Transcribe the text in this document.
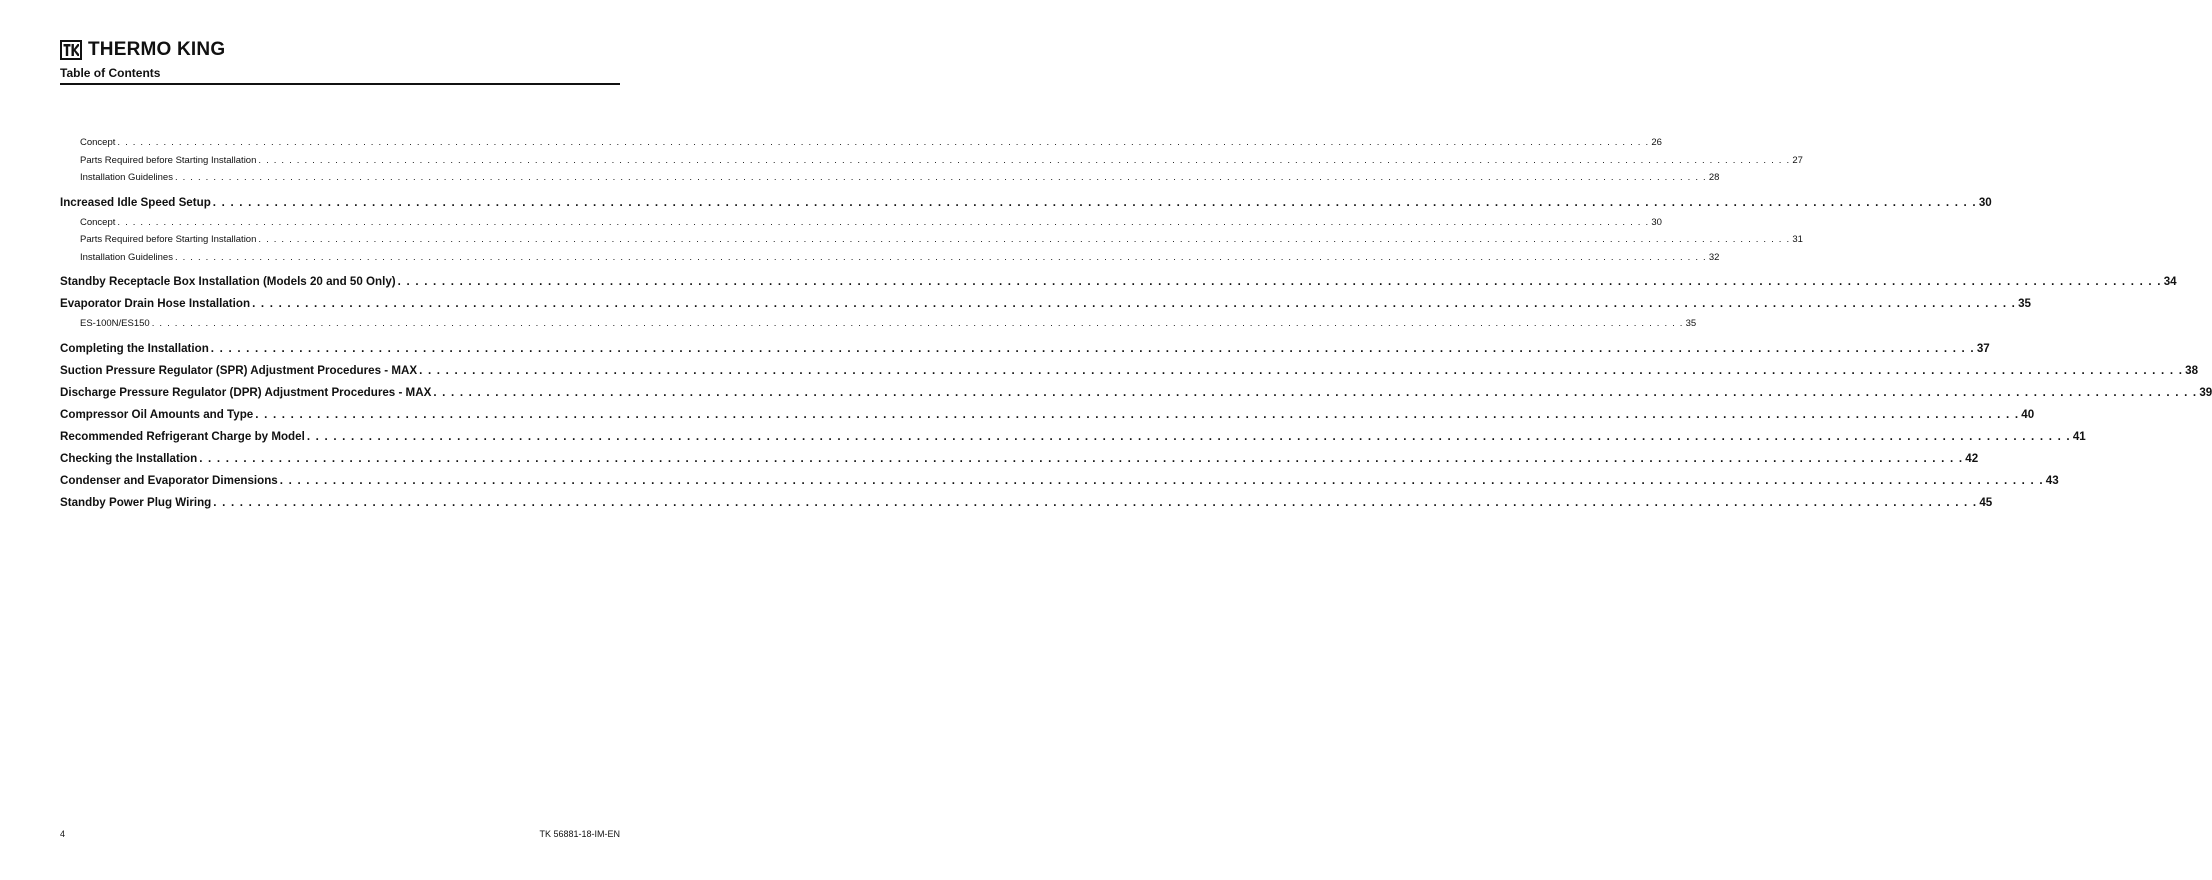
THERMO KING
Table of Contents
Concept . . . . . . . . . . . . . . . . . . . . . . . . . . . . . . . . . . . . . . . . . . . . . . . . . . . . . . . . . . . . . . . . . . . . . . . . . . . . . . . . . . . . . . . . . . . . . . . . . . . . . . . . . . . . . . . . . . . . . . . . . . . . . . . . . . . . . . . . . . . . . . . . . . . . . . . . . . . . . . . . . . . . . . . . . . . . . . . . . . . . . . . . . . . . . . . . . . . . . . . . 26
Parts Required before Starting Installation . . . . . . . . . . . . . . . . . . . . . . . . . . . . . . . . . . . . . . . . . . . . . . . . . . . . . . . . . . . . . . . . . . . . . . . . . . . . . . . . . . . . . . . . . . . . . . . . . . . . . . . . . . . . . . . . . . . . . . . . . . . . . . . . . . . . . . . . . . . . . . . . . . . . . . . . . . . . . . . . . . . . . . . . . . . . . . . . . . . . . . . . . . . . . . . . . . . . . . . . 27
Installation Guidelines . . . . . . . . . . . . . . . . . . . . . . . . . . . . . . . . . . . . . . . . . . . . . . . . . . . . . . . . . . . . . . . . . . . . . . . . . . . . . . . . . . . . . . . . . . . . . . . . . . . . . . . . . . . . . . . . . . . . . . . . . . . . . . . . . . . . . . . . . . . . . . . . . . . . . . . . . . . . . . . . . . . . . . . . . . . . . . . . . . . . . . . . . . . . . . . . . . . . . . . . 28
Increased Idle Speed Setup . . . . . . . . . . . . . . . . . . . . . . . . . . . . . . . . . . . . . . . . . . . . . . . . . . . . . . . . . . . . . . . . . . . . . . . . . . . . . . . . . . . . . . . . . . . . . . . . . . . . . . . . . . . . . . . . . . . . . . . . . . . . . . . . . . . . . . . . . . . . . . . . . . . . . . . . . . . . . . . . . . . . . . . . . . . . . . . . . . . . . . . . . . . . . . . . . . . . . . . . 30
Concept . . . . . . . . . . . . . . . . . . . . . . . . . . . . . . . . . . . . . . . . . . . . . . . . . . . . . . . . . . . . . . . . . . . . . . . . . . . . . . . . . . . . . . . . . . . . . . . . . . . . . . . . . . . . . . . . . . . . . . . . . . . . . . . . . . . . . . . . . . . . . . . . . . . . . . . . . . . . . . . . . . . . . . . . . . . . . . . . . . . . . . . . . . . . . . . . . . . . . . . . 30
Parts Required before Starting Installation . . . . . . . . . . . . . . . . . . . . . . . . . . . . . . . . . . . . . . . . . . . . . . . . . . . . . . . . . . . . . . . . . . . . . . . . . . . . . . . . . . . . . . . . . . . . . . . . . . . . . . . . . . . . . . . . . . . . . . . . . . . . . . . . . . . . . . . . . . . . . . . . . . . . . . . . . . . . . . . . . . . . . . . . . . . . . . . . . . . . . . . . . . . . . . . . . . . . . . . . 31
Installation Guidelines . . . . . . . . . . . . . . . . . . . . . . . . . . . . . . . . . . . . . . . . . . . . . . . . . . . . . . . . . . . . . . . . . . . . . . . . . . . . . . . . . . . . . . . . . . . . . . . . . . . . . . . . . . . . . . . . . . . . . . . . . . . . . . . . . . . . . . . . . . . . . . . . . . . . . . . . . . . . . . . . . . . . . . . . . . . . . . . . . . . . . . . . . . . . . . . . . . . . . . . . 32
Standby Receptacle Box Installation (Models 20 and 50 Only) . . . . . . . . . . . . . . . . . . . . . . . . . . . . . . . . . . . . . . . . . . . . . . . . . . . . . . . . . . . . . . . . . . . . . . . . . . . . . . . . . . . . . . . . . . . . . . . . . . . . . . . . . . . . . . . . . . . . . . . . . . . . . . . . . . . . . . . . . . . . . . . . . . . . . . . . . . . . . . . . . . . . . . . . . . . . . . . . . . . . . . . . . . . . . . . . . . . . . . . . 34
Evaporator Drain Hose Installation . . . . . . . . . . . . . . . . . . . . . . . . . . . . . . . . . . . . . . . . . . . . . . . . . . . . . . . . . . . . . . . . . . . . . . . . . . . . . . . . . . . . . . . . . . . . . . . . . . . . . . . . . . . . . . . . . . . . . . . . . . . . . . . . . . . . . . . . . . . . . . . . . . . . . . . . . . . . . . . . . . . . . . . . . . . . . . . . . . . . . . . . . . . . . . . . . . . . . . . . 35
ES-100N/ES150 . . . . . . . . . . . . . . . . . . . . . . . . . . . . . . . . . . . . . . . . . . . . . . . . . . . . . . . . . . . . . . . . . . . . . . . . . . . . . . . . . . . . . . . . . . . . . . . . . . . . . . . . . . . . . . . . . . . . . . . . . . . . . . . . . . . . . . . . . . . . . . . . . . . . . . . . . . . . . . . . . . . . . . . . . . . . . . . . . . . . . . . . . . . . . . . . . . . . . . . . 35
Completing the Installation . . . . . . . . . . . . . . . . . . . . . . . . . . . . . . . . . . . . . . . . . . . . . . . . . . . . . . . . . . . . . . . . . . . . . . . . . . . . . . . . . . . . . . . . . . . . . . . . . . . . . . . . . . . . . . . . . . . . . . . . . . . . . . . . . . . . . . . . . . . . . . . . . . . . . . . . . . . . . . . . . . . . . . . . . . . . . . . . . . . . . . . . . . . . . . . . . . . . . . . . 37
Suction Pressure Regulator (SPR) Adjustment Procedures - MAX . . . . . . . . . . . . . . . . . . . . . . . . . . . . . . . . . . . . . . . . . . . . . . . . . . . . . . . . . . . . . . . . . . . . . . . . . . . . . . . . . . . . . . . . . . . . . . . . . . . . . . . . . . . . . . . . . . . . . . . . . . . . . . . . . . . . . . . . . . . . . . . . . . . . . . . . . . . . . . . . . . . . . . . . . . . . . . . . . . . . . . . . . . . . . . . . . . . . . . . . 38
Discharge Pressure Regulator (DPR) Adjustment Procedures - MAX . . . . . . . . . . . . . . . . . . . . . . . . . . . . . . . . . . . . . . . . . . . . . . . . . . . . . . . . . . . . . . . . . . . . . . . . . . . . . . . . . . . . . . . . . . . . . . . . . . . . . . . . . . . . . . . . . . . . . . . . . . . . . . . . . . . . . . . . . . . . . . . . . . . . . . . . . . . . . . . . . . . . . . . . . . . . . . . . . . . . . . . . . . . . . . . . . . . . . . . . 39
Compressor Oil Amounts and Type . . . . . . . . . . . . . . . . . . . . . . . . . . . . . . . . . . . . . . . . . . . . . . . . . . . . . . . . . . . . . . . . . . . . . . . . . . . . . . . . . . . . . . . . . . . . . . . . . . . . . . . . . . . . . . . . . . . . . . . . . . . . . . . . . . . . . . . . . . . . . . . . . . . . . . . . . . . . . . . . . . . . . . . . . . . . . . . . . . . . . . . . . . . . . . . . . . . . . . . . 40
Recommended Refrigerant Charge by Model . . . . . . . . . . . . . . . . . . . . . . . . . . . . . . . . . . . . . . . . . . . . . . . . . . . . . . . . . . . . . . . . . . . . . . . . . . . . . . . . . . . . . . . . . . . . . . . . . . . . . . . . . . . . . . . . . . . . . . . . . . . . . . . . . . . . . . . . . . . . . . . . . . . . . . . . . . . . . . . . . . . . . . . . . . . . . . . . . . . . . . . . . . . . . . . . . . . . . . . . 41
Checking the Installation . . . . . . . . . . . . . . . . . . . . . . . . . . . . . . . . . . . . . . . . . . . . . . . . . . . . . . . . . . . . . . . . . . . . . . . . . . . . . . . . . . . . . . . . . . . . . . . . . . . . . . . . . . . . . . . . . . . . . . . . . . . . . . . . . . . . . . . . . . . . . . . . . . . . . . . . . . . . . . . . . . . . . . . . . . . . . . . . . . . . . . . . . . . . . . . . . . . . . . . . 42
Condenser and Evaporator Dimensions . . . . . . . . . . . . . . . . . . . . . . . . . . . . . . . . . . . . . . . . . . . . . . . . . . . . . . . . . . . . . . . . . . . . . . . . . . . . . . . . . . . . . . . . . . . . . . . . . . . . . . . . . . . . . . . . . . . . . . . . . . . . . . . . . . . . . . . . . . . . . . . . . . . . . . . . . . . . . . . . . . . . . . . . . . . . . . . . . . . . . . . . . . . . . . . . . . . . . . . . 43
Standby Power Plug Wiring . . . . . . . . . . . . . . . . . . . . . . . . . . . . . . . . . . . . . . . . . . . . . . . . . . . . . . . . . . . . . . . . . . . . . . . . . . . . . . . . . . . . . . . . . . . . . . . . . . . . . . . . . . . . . . . . . . . . . . . . . . . . . . . . . . . . . . . . . . . . . . . . . . . . . . . . . . . . . . . . . . . . . . . . . . . . . . . . . . . . . . . . . . . . . . . . . . . . . . . . 45
4	TK 56881-18-IM-EN
